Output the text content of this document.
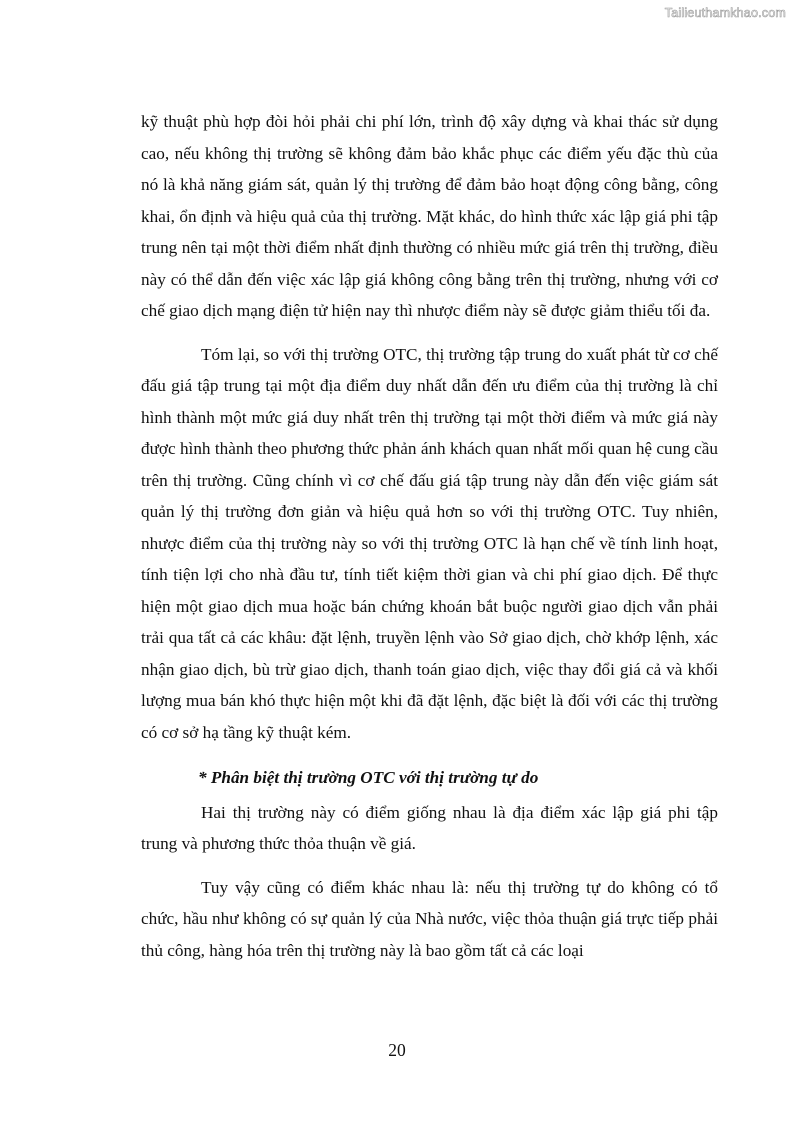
Tailieuthamkhao.com

kỹ thuật phù hợp đòi hỏi phải chi phí lớn, trình độ xây dựng và khai thác sử dụng cao, nếu không thị trường sẽ không đảm bảo khắc phục các điểm yếu đặc thù của nó là khả năng giám sát, quản lý thị trường để đảm bảo hoạt động công bằng, công khai, ổn định và hiệu quả của thị trường. Mặt khác, do hình thức xác lập giá phi tập trung nên tại một thời điểm nhất định thường có nhiều mức giá trên thị trường, điều này có thể dẫn đến việc xác lập giá không công bằng trên thị trường, nhưng với cơ chế giao dịch mạng điện tử hiện nay thì nhược điểm này sẽ được giảm thiểu tối đa.

Tóm lại, so với thị trường OTC, thị trường tập trung do xuất phát từ cơ chế đấu giá tập trung tại một địa điểm duy nhất dẫn đến ưu điểm của thị trường là chỉ hình thành một mức giá duy nhất trên thị trường tại một thời điểm và mức giá này được hình thành theo phương thức phản ánh khách quan nhất mối quan hệ cung cầu trên thị trường. Cũng chính vì cơ chế đấu giá tập trung này dẫn đến việc giám sát quản lý thị trường đơn giản và hiệu quả hơn so với thị trường OTC. Tuy nhiên, nhược điểm của thị trường này so với thị trường OTC là hạn chế về tính linh hoạt, tính tiện lợi cho nhà đầu tư, tính tiết kiệm thời gian và chi phí giao dịch. Để thực hiện một giao dịch mua hoặc bán chứng khoán bắt buộc người giao dịch vẫn phải trải qua tất cả các khâu: đặt lệnh, truyền lệnh vào Sở giao dịch, chờ khớp lệnh, xác nhận giao dịch, bù trừ giao dịch, thanh toán giao dịch, việc thay đổi giá cả và khối lượng mua bán khó thực hiện một khi đã đặt lệnh, đặc biệt là đối với các thị trường có cơ sở hạ tầng kỹ thuật kém.

* Phân biệt thị trường OTC với thị trường tự do

Hai thị trường này có điểm giống nhau là địa điểm xác lập giá phi tập trung và phương thức thỏa thuận về giá.

Tuy vậy cũng có điểm khác nhau là: nếu thị trường tự do không có tổ chức, hầu như không có sự quản lý của Nhà nước, việc thỏa thuận giá trực tiếp phải thủ công, hàng hóa trên thị trường này là bao gồm tất cả các loại

20
